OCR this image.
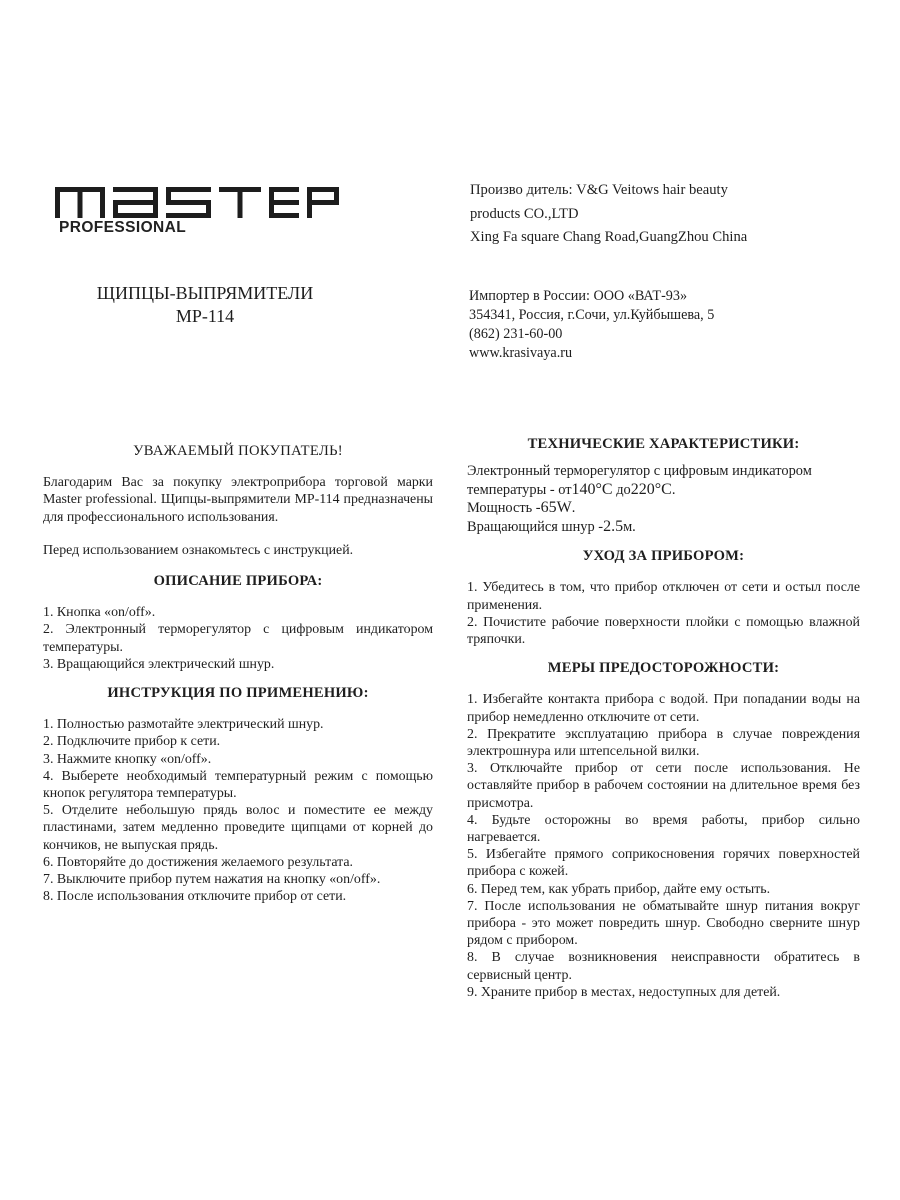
PROFESSIONAL
ЩИПЦЫ-ВЫПРЯМИТЕЛИ
MP-114
Произво дитель: V&G Veitows hair beauty
products CO.,LTD
Xing Fa square Chang Road,GuangZhou China
Импортер в России: ООО «ВАТ-93»
354341, Россия, г.Сочи, ул.Куйбышева, 5
(862) 231-60-00
www.krasivaya.ru
УВАЖАЕМЫЙ ПОКУПАТЕЛЬ!
Благодарим Вас за покупку электроприбора торговой марки Master professional. Щипцы-выпрямители MP-114 предназначены для профессионального использования.
Перед использованием ознакомьтесь с инструкцией.
ОПИСАНИЕ ПРИБОРА:
1. Кнопка «on/off».
2. Электронный терморегулятор с цифровым индикатором температуры.
3. Вращающийся электрический шнур.
ИНСТРУКЦИЯ ПО ПРИМЕНЕНИЮ:
1. Полностью размотайте электрический шнур.
2. Подключите прибор к сети.
3. Нажмите кнопку «on/off».
4. Выберете необходимый температурный режим с помощью кнопок регулятора температуры.
5. Отделите небольшую прядь волос и поместите ее между пластинами, затем медленно проведите щипцами от корней до кончиков, не выпуская прядь.
6. Повторяйте до достижения желаемого результата.
7. Выключите прибор путем нажатия на кнопку «on/off».
8. После использования отключите прибор от сети.
ТЕХНИЧЕСКИЕ ХАРАКТЕРИСТИКИ:
Электронный терморегулятор с цифровым индикатором
температуры - от140°С до220°С.
Мощность -65W.
Вращающийся шнур -2.5м.
УХОД ЗА ПРИБОРОМ:
1. Убедитесь в том, что прибор отключен от сети и остыл после применения.
2. Почистите рабочие поверхности плойки с помощью влажной тряпочки.
МЕРЫ ПРЕДОСТОРОЖНОСТИ:
1. Избегайте контакта прибора с водой. При попадании воды на прибор немедленно отключите от сети.
2. Прекратите эксплуатацию прибора в случае повреждения электрошнура или штепсельной вилки.
3. Отключайте прибор от сети после использования. Не оставляйте прибор в рабочем состоянии на длительное время без присмотра.
4. Будьте осторожны во время работы, прибор сильно нагревается.
5. Избегайте прямого соприкосновения горячих поверхностей прибора с кожей.
6. Перед тем, как убрать прибор, дайте ему остыть.
7. После использования не обматывайте шнур питания вокруг прибора - это может повредить шнур. Свободно сверните шнур рядом с прибором.
8. В случае возникновения неисправности обратитесь в сервисный центр.
9. Храните прибор в местах, недоступных для детей.
